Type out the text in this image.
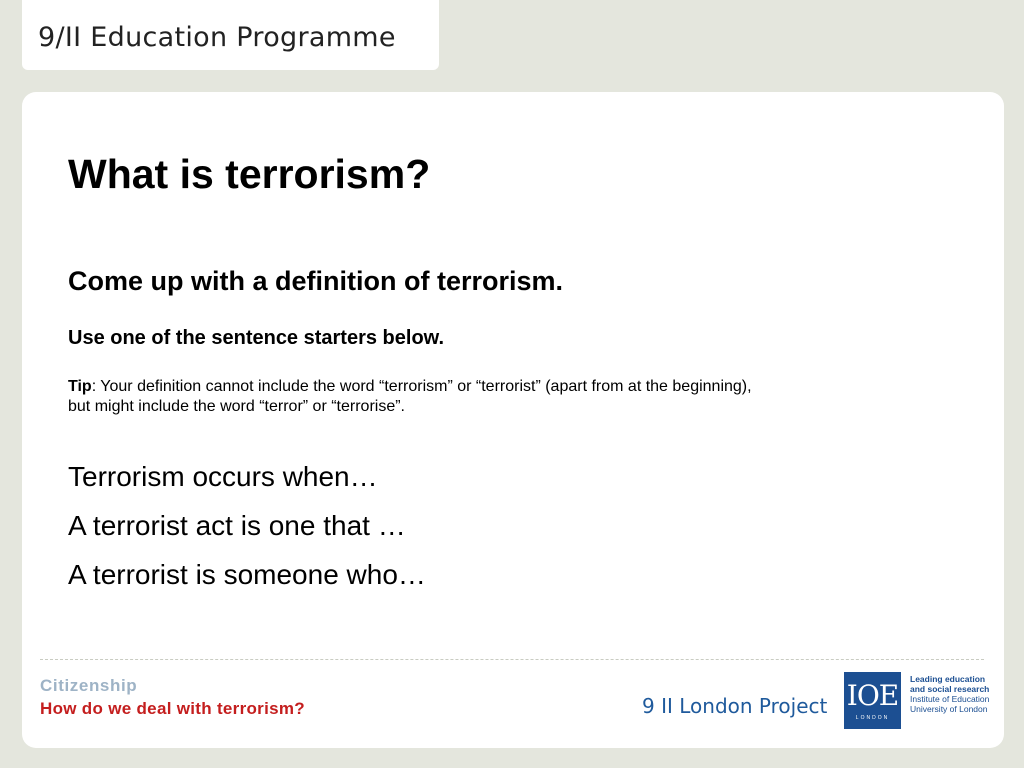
9/II Education Programme
What is terrorism?
Come up with a definition of terrorism.
Use one of the sentence starters below.
Tip: Your definition cannot include the word “terrorism” or “terrorist” (apart from at the beginning),
but might include the word “terror” or “terrorise”.
Terrorism occurs when…
A terrorist act is one that …
A terrorist is someone who…
Citizenship
How do we deal with terrorism?	9 II London Project IOE
LONDON
Leading education
and social research
Institute of Education
University of London
